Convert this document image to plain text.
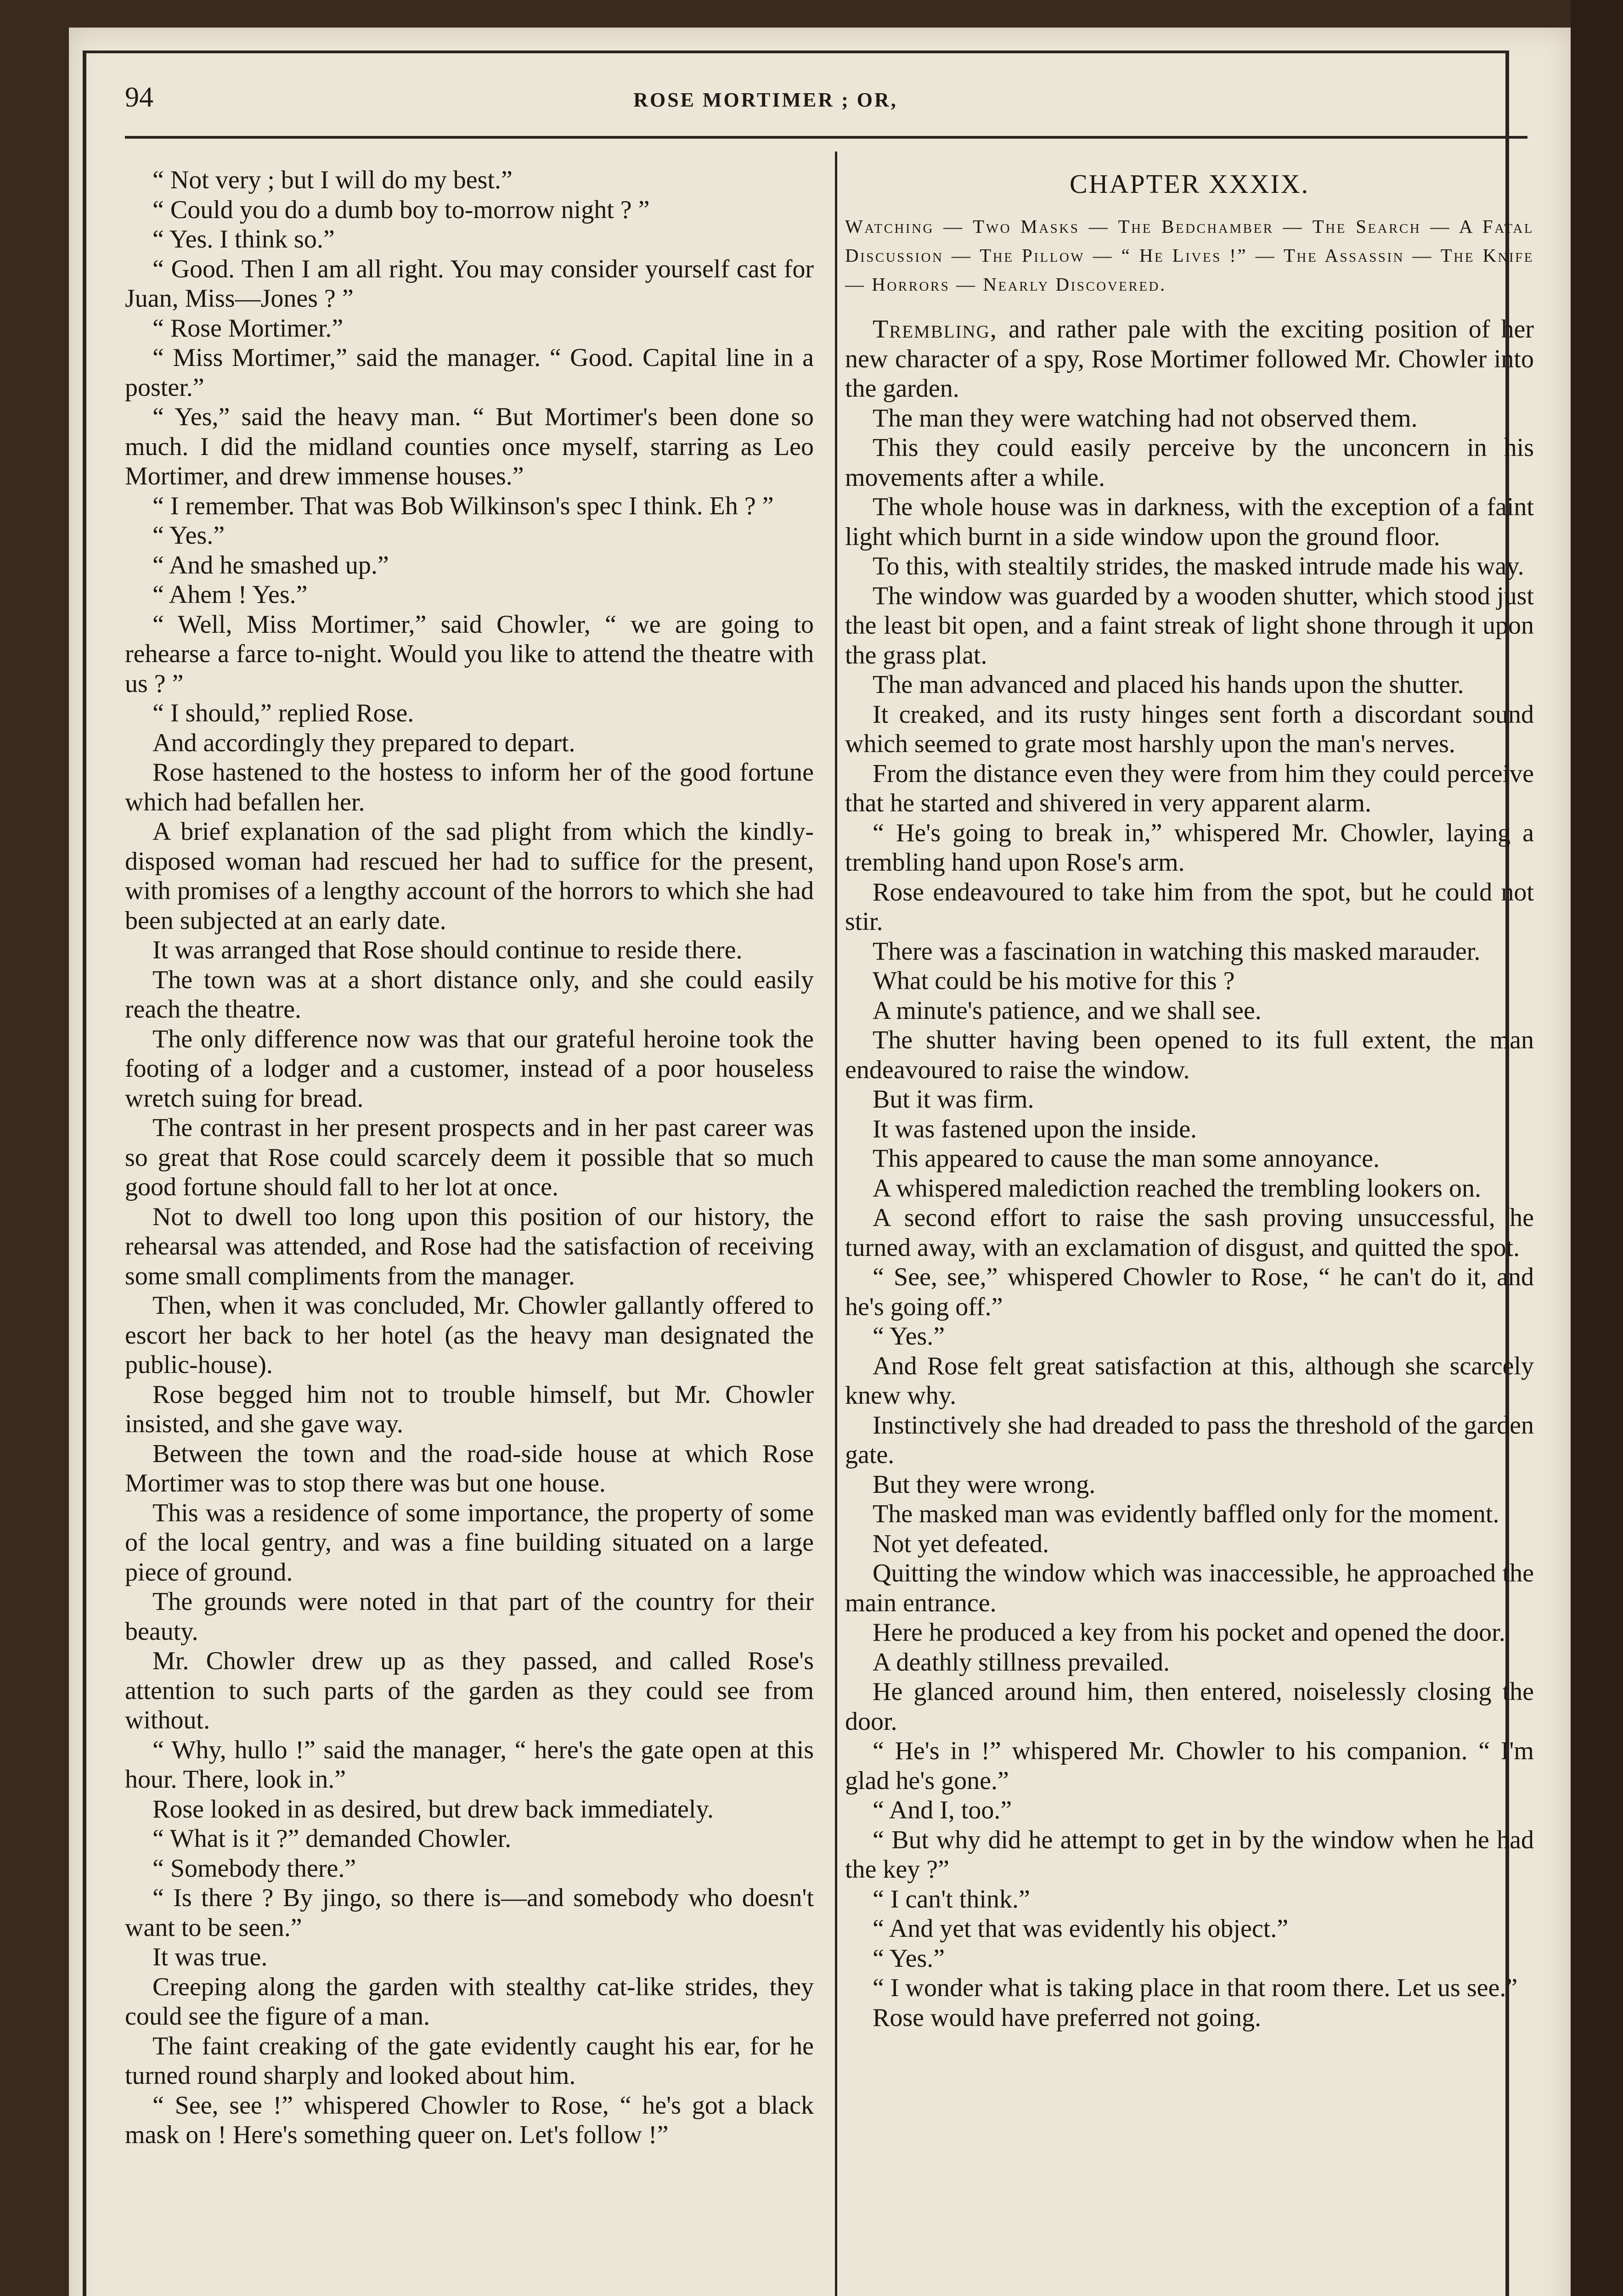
94	ROSE MORTIMER ; OR,

“ Not very ; but I will do my best.”

“ Could you do a dumb boy to-morrow night ? ”

“ Yes. I think so.”

“ Good. Then I am all right. You may consider yourself cast for Juan, Miss—Jones ? ”

“ Rose Mortimer.”

“ Miss Mortimer,” said the manager. “ Good. Capital line in a poster.”

“ Yes,” said the heavy man. “ But Mortimer's been done so much. I did the midland counties once myself, starring as Leo Mortimer, and drew immense houses.”

“ I remember. That was Bob Wilkinson's spec I think. Eh ? ”

“ Yes.”

“ And he smashed up.”

“ Ahem ! Yes.”

“ Well, Miss Mortimer,” said Chowler, “ we are going to rehearse a farce to-night. Would you like to attend the theatre with us ? ”

“ I should,” replied Rose.

And accordingly they prepared to depart.

Rose hastened to the hostess to inform her of the good fortune which had befallen her.

A brief explanation of the sad plight from which the kindly-disposed woman had rescued her had to suffice for the present, with promises of a lengthy account of the horrors to which she had been subjected at an early date.

It was arranged that Rose should continue to reside there.

The town was at a short distance only, and she could easily reach the theatre.

The only difference now was that our grateful heroine took the footing of a lodger and a customer, instead of a poor houseless wretch suing for bread.

The contrast in her present prospects and in her past career was so great that Rose could scarcely deem it possible that so much good fortune should fall to her lot at once.

Not to dwell too long upon this position of our history, the rehearsal was attended, and Rose had the satisfaction of receiving some small compliments from the manager.

Then, when it was concluded, Mr. Chowler gallantly offered to escort her back to her hotel (as the heavy man designated the public-house).

Rose begged him not to trouble himself, but Mr. Chowler insisted, and she gave way.

Between the town and the road-side house at which Rose Mortimer was to stop there was but one house.

This was a residence of some importance, the property of some of the local gentry, and was a fine building situated on a large piece of ground.

The grounds were noted in that part of the country for their beauty.

Mr. Chowler drew up as they passed, and called Rose's attention to such parts of the garden as they could see from without.

“ Why, hullo !” said the manager, “ here's the gate open at this hour. There, look in.”

Rose looked in as desired, but drew back immediately.

“ What is it ?” demanded Chowler.

“ Somebody there.”

“ Is there ? By jingo, so there is—and somebody who doesn't want to be seen.”

It was true.

Creeping along the garden with stealthy cat-like strides, they could see the figure of a man.

The faint creaking of the gate evidently caught his ear, for he turned round sharply and looked about him.

“ See, see !” whispered Chowler to Rose, “ he's got a black mask on ! Here's something queer on. Let's follow !”

CHAPTER XXXIX.
Watching — Two Masks — The Bedchamber — The Search — A Fatal Discussion — The Pillow — “ He Lives !” — The Assassin — The Knife — Horrors — Nearly Discovered.

Trembling, and rather pale with the exciting position of her new character of a spy, Rose Mortimer followed Mr. Chowler into the garden.

The man they were watching had not observed them.

This they could easily perceive by the unconcern in his movements after a while.

The whole house was in darkness, with the exception of a faint light which burnt in a side window upon the ground floor.

To this, with stealtily strides, the masked intrude made his way.

The window was guarded by a wooden shutter, which stood just the least bit open, and a faint streak of light shone through it upon the grass plat.

The man advanced and placed his hands upon the shutter.

It creaked, and its rusty hinges sent forth a discordant sound which seemed to grate most harshly upon the man's nerves.

From the distance even they were from him they could perceive that he started and shivered in very apparent alarm.

“ He's going to break in,” whispered Mr. Chowler, laying a trembling hand upon Rose's arm.

Rose endeavoured to take him from the spot, but he could not stir.

There was a fascination in watching this masked marauder.

What could be his motive for this ?

A minute's patience, and we shall see.

The shutter having been opened to its full extent, the man endeavoured to raise the window.

But it was firm.

It was fastened upon the inside.

This appeared to cause the man some annoyance.

A whispered malediction reached the trembling lookers on.

A second effort to raise the sash proving unsuccessful, he turned away, with an exclamation of disgust, and quitted the spot.

“ See, see,” whispered Chowler to Rose, “ he can't do it, and he's going off.”

“ Yes.”

And Rose felt great satisfaction at this, although she scarcely knew why.

Instinctively she had dreaded to pass the threshold of the garden gate.

But they were wrong.

The masked man was evidently baffled only for the moment.

Not yet defeated.

Quitting the window which was inaccessible, he approached the main entrance.

Here he produced a key from his pocket and opened the door.

A deathly stillness prevailed.

He glanced around him, then entered, noiselessly closing the door.

“ He's in !” whispered Mr. Chowler to his companion. “ I'm glad he's gone.”

“ And I, too.”

“ But why did he attempt to get in by the window when he had the key ?”

“ I can't think.”

“ And yet that was evidently his object.”

“ Yes.”

“ I wonder what is taking place in that room there. Let us see.”

Rose would have preferred not going.
